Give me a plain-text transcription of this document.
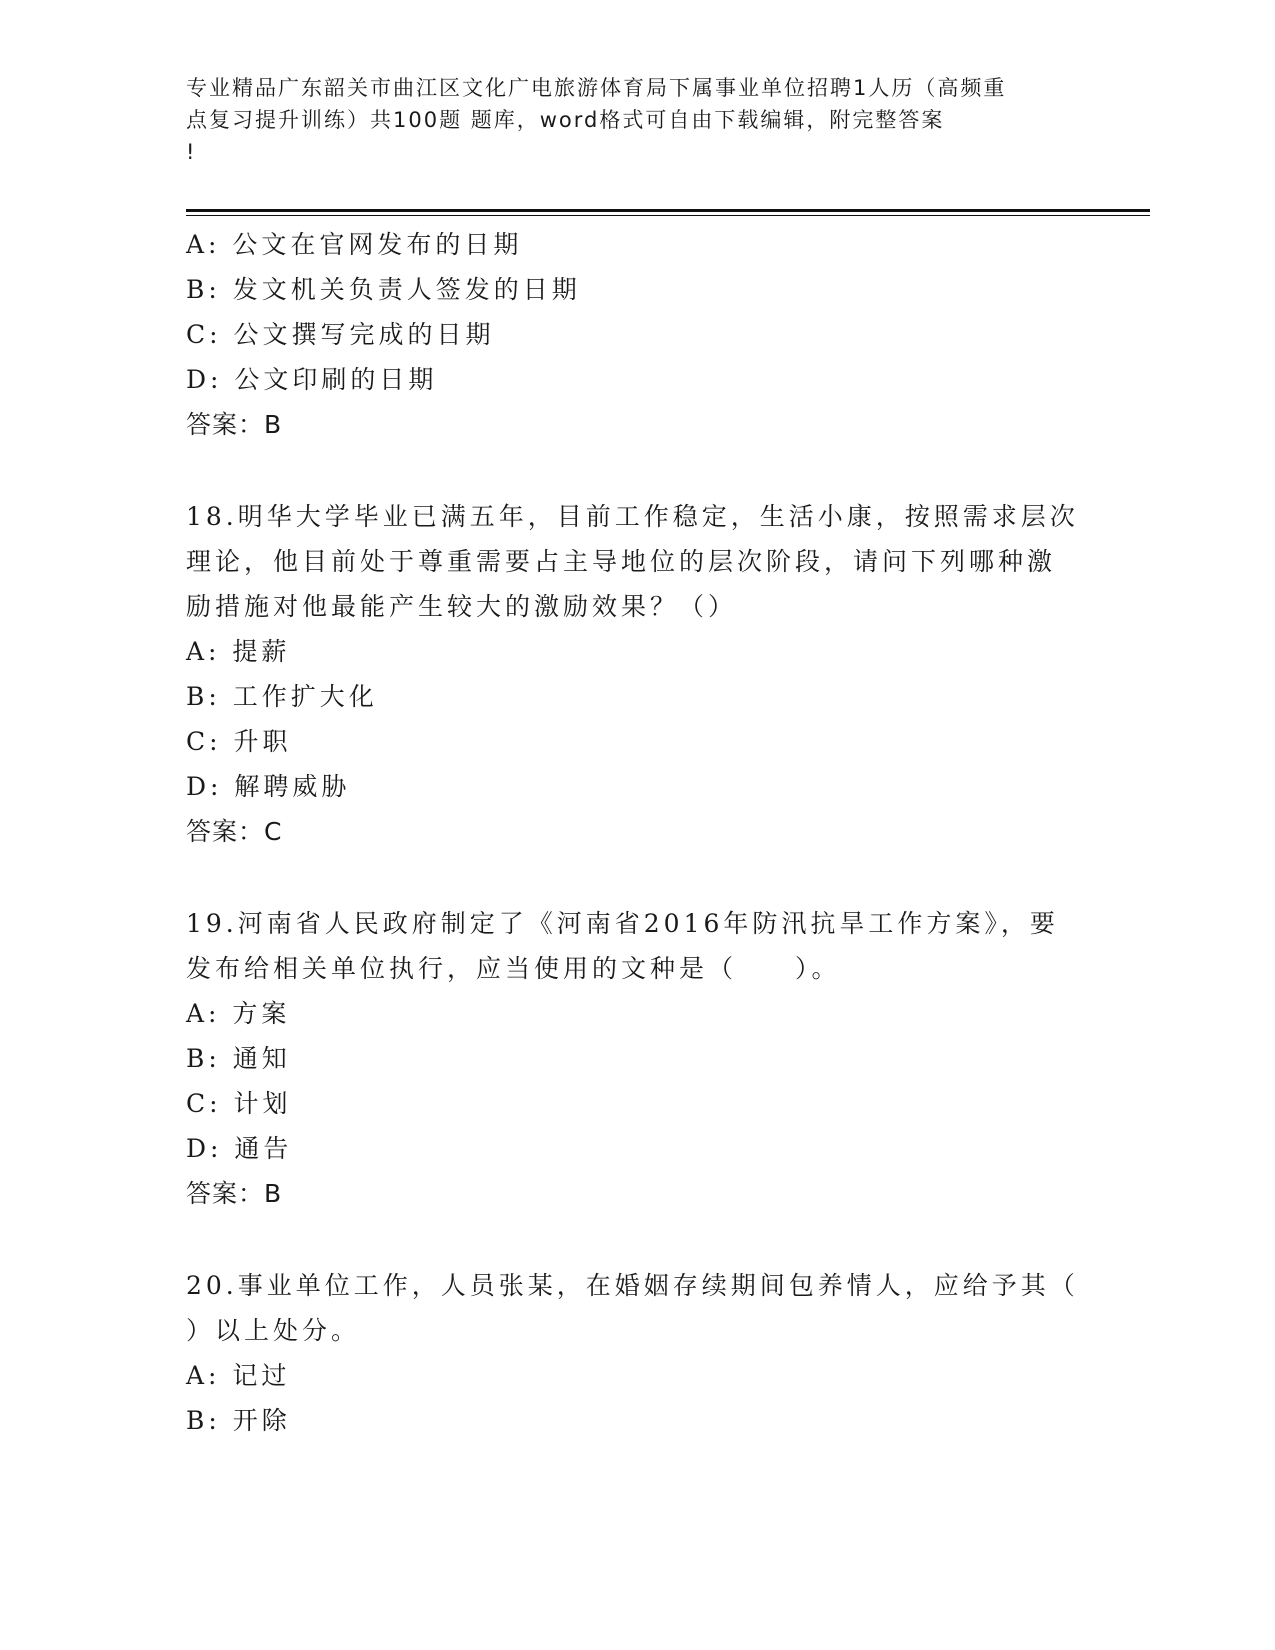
专业精品广东韶关市曲江区文化广电旅游体育局下属事业单位招聘1人历（高频重
点复习提升训练）共100题 题库，word格式可自由下载编辑，附完整答案
!
A: 公文在官网发布的日期
B: 发文机关负责人签发的日期
C: 公文撰写完成的日期
D: 公文印刷的日期
答案：B
18.明华大学毕业已满五年，目前工作稳定，生活小康，按照需求层次
理论，他目前处于尊重需要占主导地位的层次阶段，请问下列哪种激
励措施对他最能产生较大的激励效果？（）
A: 提薪
B: 工作扩大化
C: 升职
D: 解聘威胁
答案：C
19.河南省人民政府制定了《河南省2016年防汛抗旱工作方案》，要
发布给相关单位执行，应当使用的文种是（　　）。
A: 方案
B: 通知
C: 计划
D: 通告
答案：B
20.事业单位工作，人员张某，在婚姻存续期间包养情人，应给予其（
）以上处分。
A: 记过
B: 开除
